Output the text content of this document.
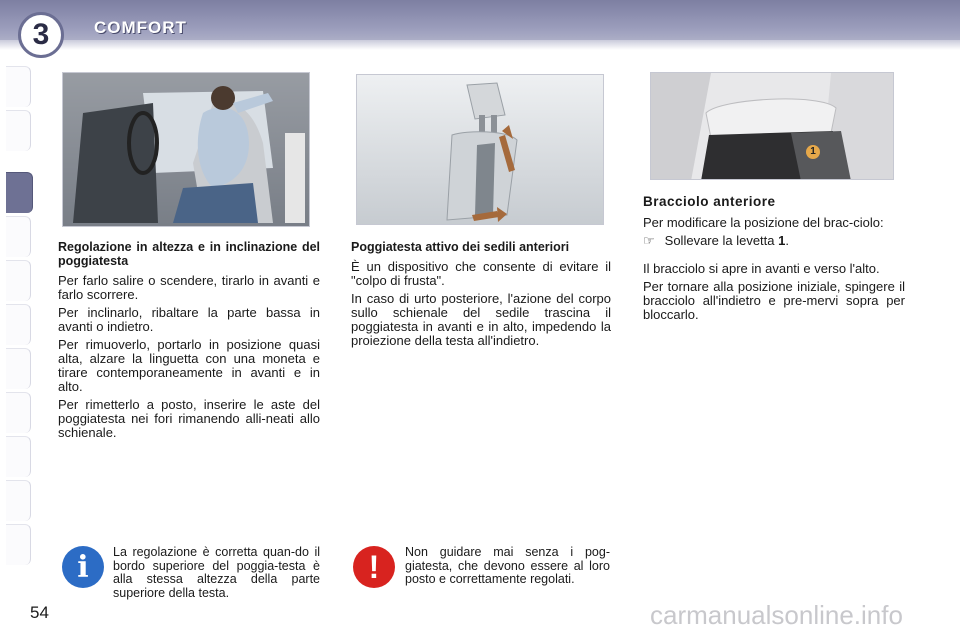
3	COMFORT
1
Regolazione in altezza e in inclinazione del poggiatesta

Per farlo salire o scendere, tirarlo in avanti e farlo scorrere.

Per inclinarlo, ribaltare la parte bassa in avanti o indietro.

Per rimuoverlo, portarlo in posizione quasi alta, alzare la linguetta con una moneta e tirare contemporaneamente in avanti e in alto.

Per rimetterlo a posto, inserire le aste del poggiatesta nei fori rimanendo alli-neati allo schienale.

Poggiatesta attivo dei sedili anteriori

È un dispositivo che consente di evitare il "colpo di frusta".

In caso di urto posteriore, l'azione del corpo sullo schienale del sedile trascina il poggiatesta in avanti e in alto, impedendo la proiezione della testa all'indietro.

Bracciolo anteriore

Per modificare la posizione del brac-ciolo:

☞ Sollevare la levetta 1.

Il bracciolo si apre in avanti e verso l'alto.

Per tornare alla posizione iniziale, spingere il bracciolo all'indietro e pre-mervi sopra per bloccarlo.

i	La regolazione è corretta quan-do il bordo superiore del poggia-testa è alla stessa altezza della parte superiore della testa.
!	Non guidare mai senza i pog-giatesta, che devono essere al loro posto e correttamente regolati.
54	carmanualsonline.info
